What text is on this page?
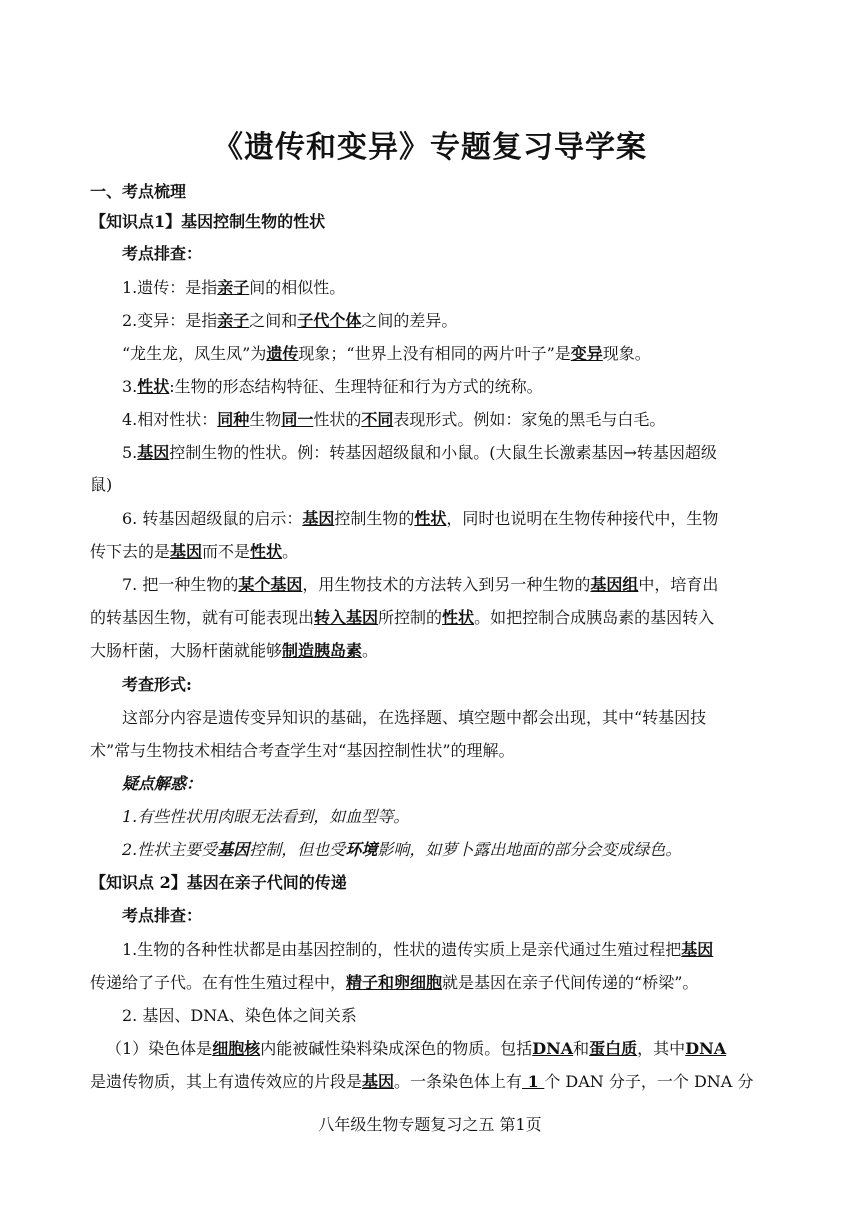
《遗传和变异》专题复习导学案
一、考点梳理
【知识点1】基因控制生物的性状
考点排查：
1.遗传：是指亲子间的相似性。
2.变异：是指亲子之间和子代个体之间的差异。
“龙生龙，凤生凤”为遗传现象；“世界上没有相同的两片叶子”是变异现象。
3.性状:生物的形态结构特征、生理特征和行为方式的统称。
4.相对性状：同种生物同一性状的不同表现形式。例如：家兔的黑毛与白毛。
5.基因控制生物的性状。例：转基因超级鼠和小鼠。(大鼠生长激素基因→转基因超级
鼠)
6. 转基因超级鼠的启示：基因控制生物的性状，同时也说明在生物传种接代中，生物
传下去的是基因而不是性状。
7. 把一种生物的某个基因，用生物技术的方法转入到另一种生物的基因组中，培育出
的转基因生物，就有可能表现出转入基因所控制的性状。如把控制合成胰岛素的基因转入
大肠杆菌，大肠杆菌就能够制造胰岛素。
考查形式:
这部分内容是遗传变异知识的基础，在选择题、填空题中都会出现，其中“转基因技
术”常与生物技术相结合考查学生对“基因控制性状”的理解。
疑点解惑：
1.有些性状用肉眼无法看到，如血型等。
2.性状主要受基因控制，但也受环境影响，如萝卜露出地面的部分会变成绿色。
【知识点 2】基因在亲子代间的传递
考点排查：
1.生物的各种性状都是由基因控制的，性状的遗传实质上是亲代通过生殖过程把基因
传递给了子代。在有性生殖过程中，精子和卵细胞就是基因在亲子代间传递的“桥梁”。
2. 基因、DNA、染色体之间关系
（1）染色体是细胞核内能被碱性染料染成深色的物质。包括DNA和蛋白质，其中DNA
是遗传物质，其上有遗传效应的片段是基因。一条染色体上有 1 个 DAN 分子，一个 DNA 分
八年级生物专题复习之五 第1页
